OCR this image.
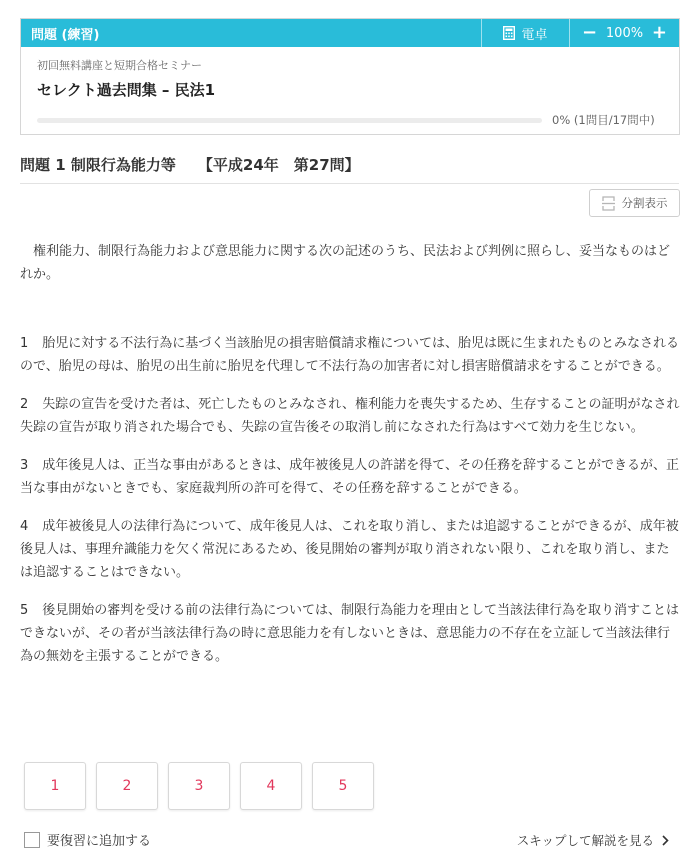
問題 (練習)	電卓 − 100% +
初回無料講座と短期合格セミナー
セレクト過去問集 – 民法1
0% (1問目/17問中)
問題 1 制限行為能力等 【平成24年　第27問】
分割表示

権利能力、制限行為能力および意思能力に関する次の記述のうち、民法および判例に照らし、妥当なものはどれか。

1 胎児に対する不法行為に基づく当該胎児の損害賠償請求権については、胎児は既に生まれたものとみなされるので、胎児の母は、胎児の出生前に胎児を代理して不法行為の加害者に対し損害賠償請求をすることができる。

2 失踪の宣告を受けた者は、死亡したものとみなされ、権利能力を喪失するため、生存することの証明がなされ失踪の宣告が取り消された場合でも、失踪の宣告後その取消し前になされた行為はすべて効力を生じない。

3 成年後見人は、正当な事由があるときは、成年被後見人の許諾を得て、その任務を辞することができるが、正当な事由がないときでも、家庭裁判所の許可を得て、その任務を辞することができる。

4 成年被後見人の法律行為について、成年後見人は、これを取り消し、または追認することができるが、成年被後見人は、事理弁識能力を欠く常況にあるため、後見開始の審判が取り消されない限り、これを取り消し、または追認することはできない。

5 後見開始の審判を受ける前の法律行為については、制限行為能力を理由として当該法律行為を取り消すことはできないが、その者が当該法律行為の時に意思能力を有しないときは、意思能力の不存在を立証して当該法律行為の無効を主張することができる。

1	2	3	4	5
要復習に追加する	スキップして解説を見る
